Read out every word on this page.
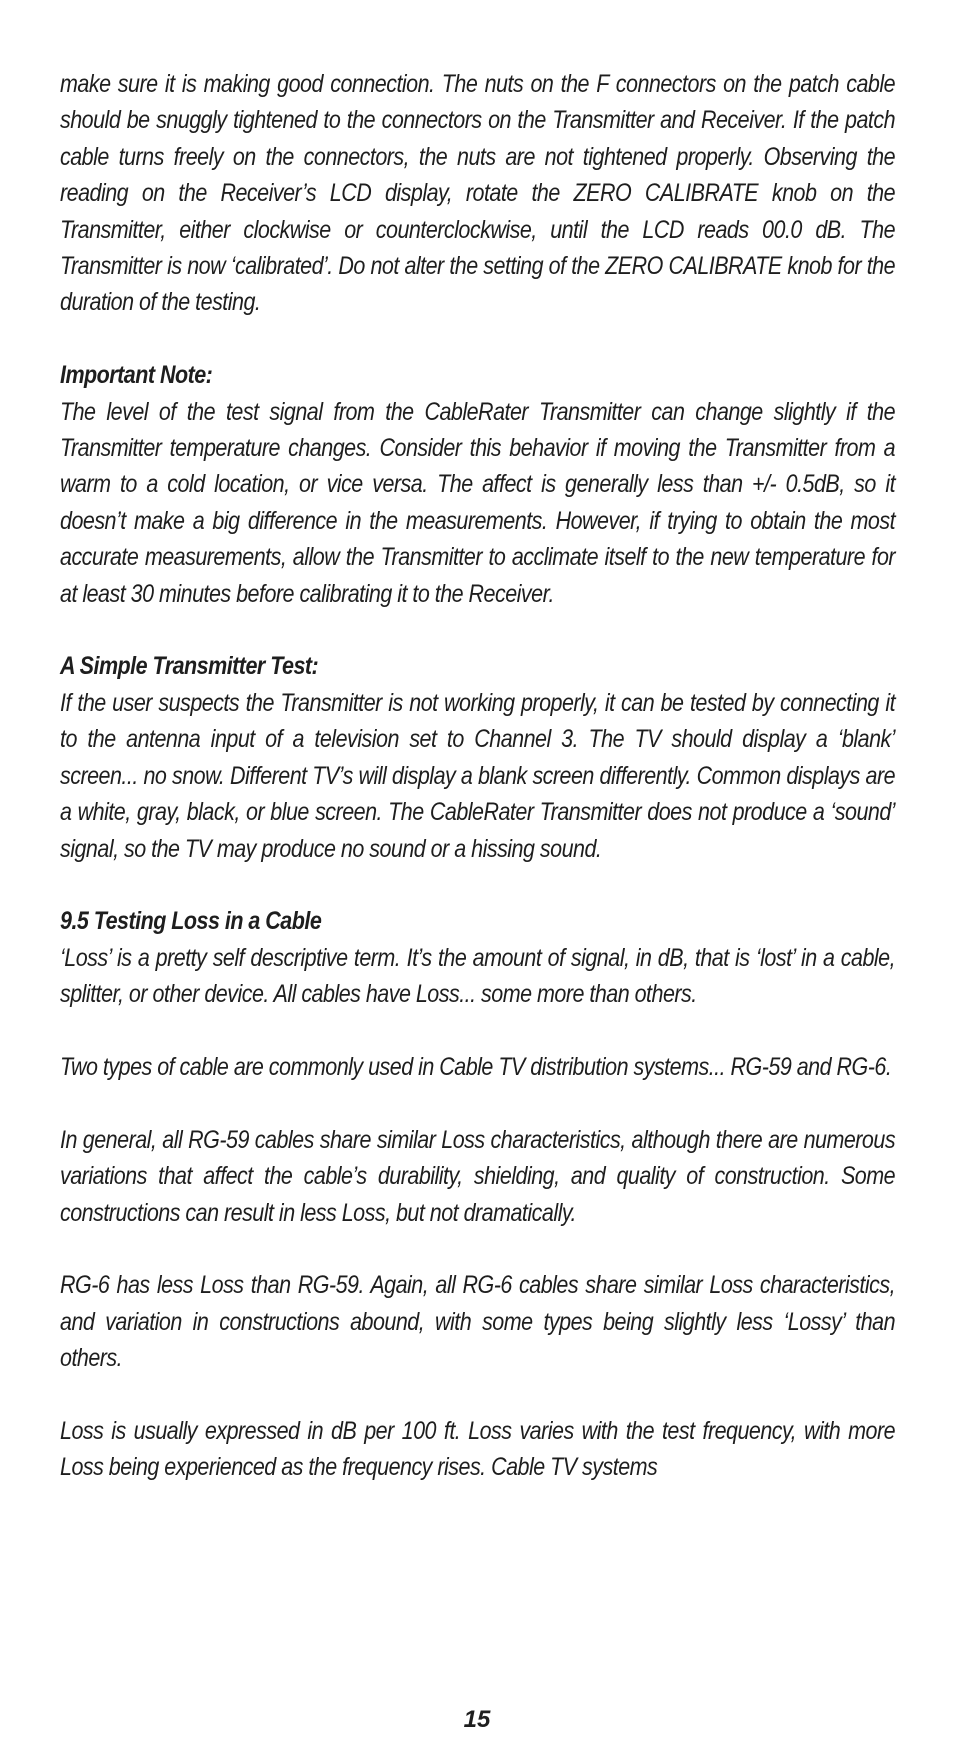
make sure it is making good connection. The nuts on the F connectors on the patch cable should be snuggly tightened to the connectors on the Transmitter and Receiver. If the patch cable turns freely on the connectors, the nuts are not tightened properly. Observing the reading on the Receiver’s LCD display, rotate the ZERO CALIBRATE knob on the Transmitter, either clockwise or counterclockwise, until the LCD reads 00.0 dB. The Transmitter is now ‘calibrated’. Do not alter the setting of the ZERO CALIBRATE knob for the duration of the testing.

Important Note:

The level of the test signal from the CableRater Transmitter can change slightly if the Transmitter temperature changes. Consider this behavior if moving the Transmitter from a warm to a cold location, or vice versa. The affect is generally less than +/- 0.5dB, so it doesn’t make a big difference in the measurements. However, if trying to obtain the most accurate measurements, allow the Transmitter to acclimate itself to the new temperature for at least 30 minutes before calibrating it to the Receiver.

A Simple Transmitter Test:

If the user suspects the Transmitter is not working properly, it can be tested by connecting it to the antenna input of a television set to Channel 3. The TV should display a ‘blank’ screen... no snow. Different TV’s will display a blank screen differently. Common displays are a white, gray, black, or blue screen. The CableRater Transmitter does not produce a ‘sound’ signal, so the TV may produce no sound or a hissing sound.

9.5 Testing Loss in a Cable

‘Loss’ is a pretty self descriptive term. It’s the amount of signal, in dB, that is ‘lost’ in a cable, splitter, or other device. All cables have Loss... some more than others.

Two types of cable are commonly used in Cable TV distribution systems... RG-59 and RG-6.

In general, all RG-59 cables share similar Loss characteristics, although there are numerous variations that affect the cable’s durability, shielding, and quality of construction. Some constructions can result in less Loss, but not dramatically.

RG-6 has less Loss than RG-59. Again, all RG-6 cables share similar Loss characteristics, and variation in constructions abound, with some types being slightly less ‘Lossy’ than others.

Loss is usually expressed in dB per 100 ft. Loss varies with the test frequency, with more Loss being experienced as the frequency rises. Cable TV systems

15
